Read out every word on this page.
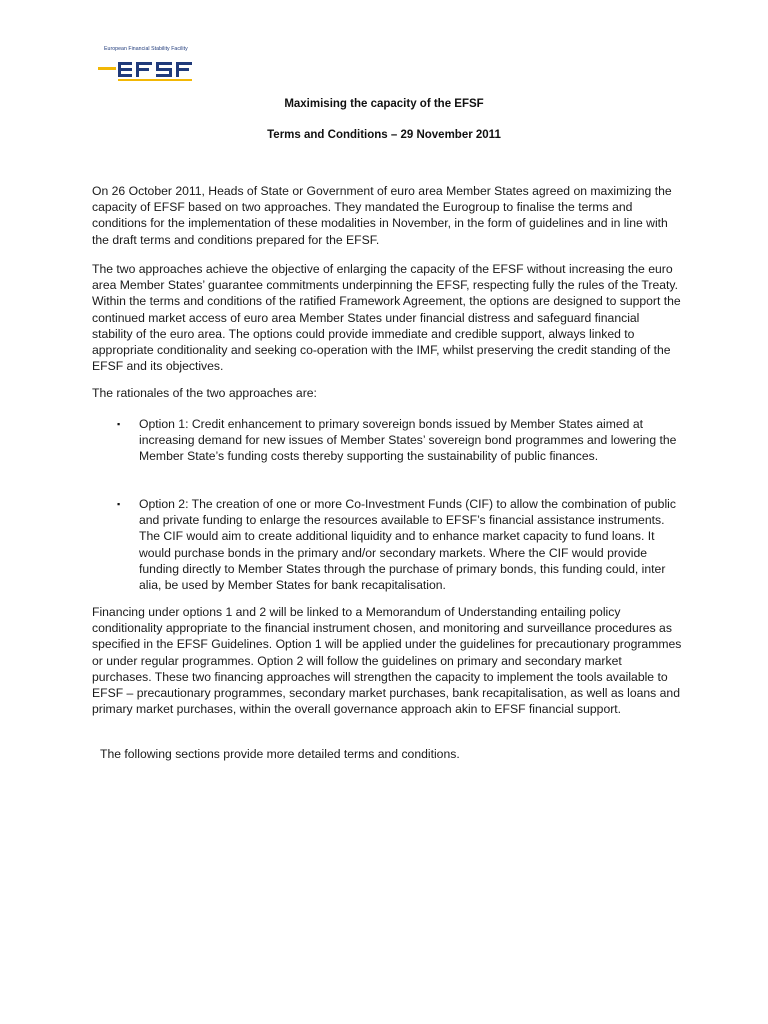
European Financial Stability Facility
Maximising the capacity of the EFSF
Terms and Conditions – 29 November 2011

On 26 October 2011, Heads of State or Government of euro area Member States agreed on maximizing the capacity of EFSF based on two approaches. They mandated the Eurogroup to finalise the terms and conditions for the implementation of these modalities in November, in the form of guidelines and in line with the draft terms and conditions prepared for the EFSF.

The two approaches achieve the objective of enlarging the capacity of the EFSF without increasing the euro area Member States’ guarantee commitments underpinning the EFSF, respecting fully the rules of the Treaty. Within the terms and conditions of the ratified Framework Agreement, the options are designed to support the continued market access of euro area Member States under financial distress and safeguard financial stability of the euro area. The options could provide immediate and credible support, always linked to appropriate conditionality and seeking co-operation with the IMF, whilst preserving the credit standing of the EFSF and its objectives.

The rationales of the two approaches are:

▪ Option 1: Credit enhancement to primary sovereign bonds issued by Member States aimed at increasing demand for new issues of Member States’ sovereign bond programmes and lowering the Member State’s funding costs thereby supporting the sustainability of public finances.

▪ Option 2: The creation of one or more Co-Investment Funds (CIF) to allow the combination of public and private funding to enlarge the resources available to EFSF’s financial assistance instruments. The CIF would aim to create additional liquidity and to enhance market capacity to fund loans. It would purchase bonds in the primary and/or secondary markets. Where the CIF would provide funding directly to Member States through the purchase of primary bonds, this funding could, inter alia, be used by Member States for bank recapitalisation.

Financing under options 1 and 2 will be linked to a Memorandum of Understanding entailing policy conditionality appropriate to the financial instrument chosen, and monitoring and surveillance procedures as specified in the EFSF Guidelines. Option 1 will be applied under the guidelines for precautionary programmes or under regular programmes. Option 2 will follow the guidelines on primary and secondary market purchases. These two financing approaches will strengthen the capacity to implement the tools available to EFSF – precautionary programmes, secondary market purchases, bank recapitalisation, as well as loans and primary market purchases, within the overall governance approach akin to EFSF financial support.

The following sections provide more detailed terms and conditions.
